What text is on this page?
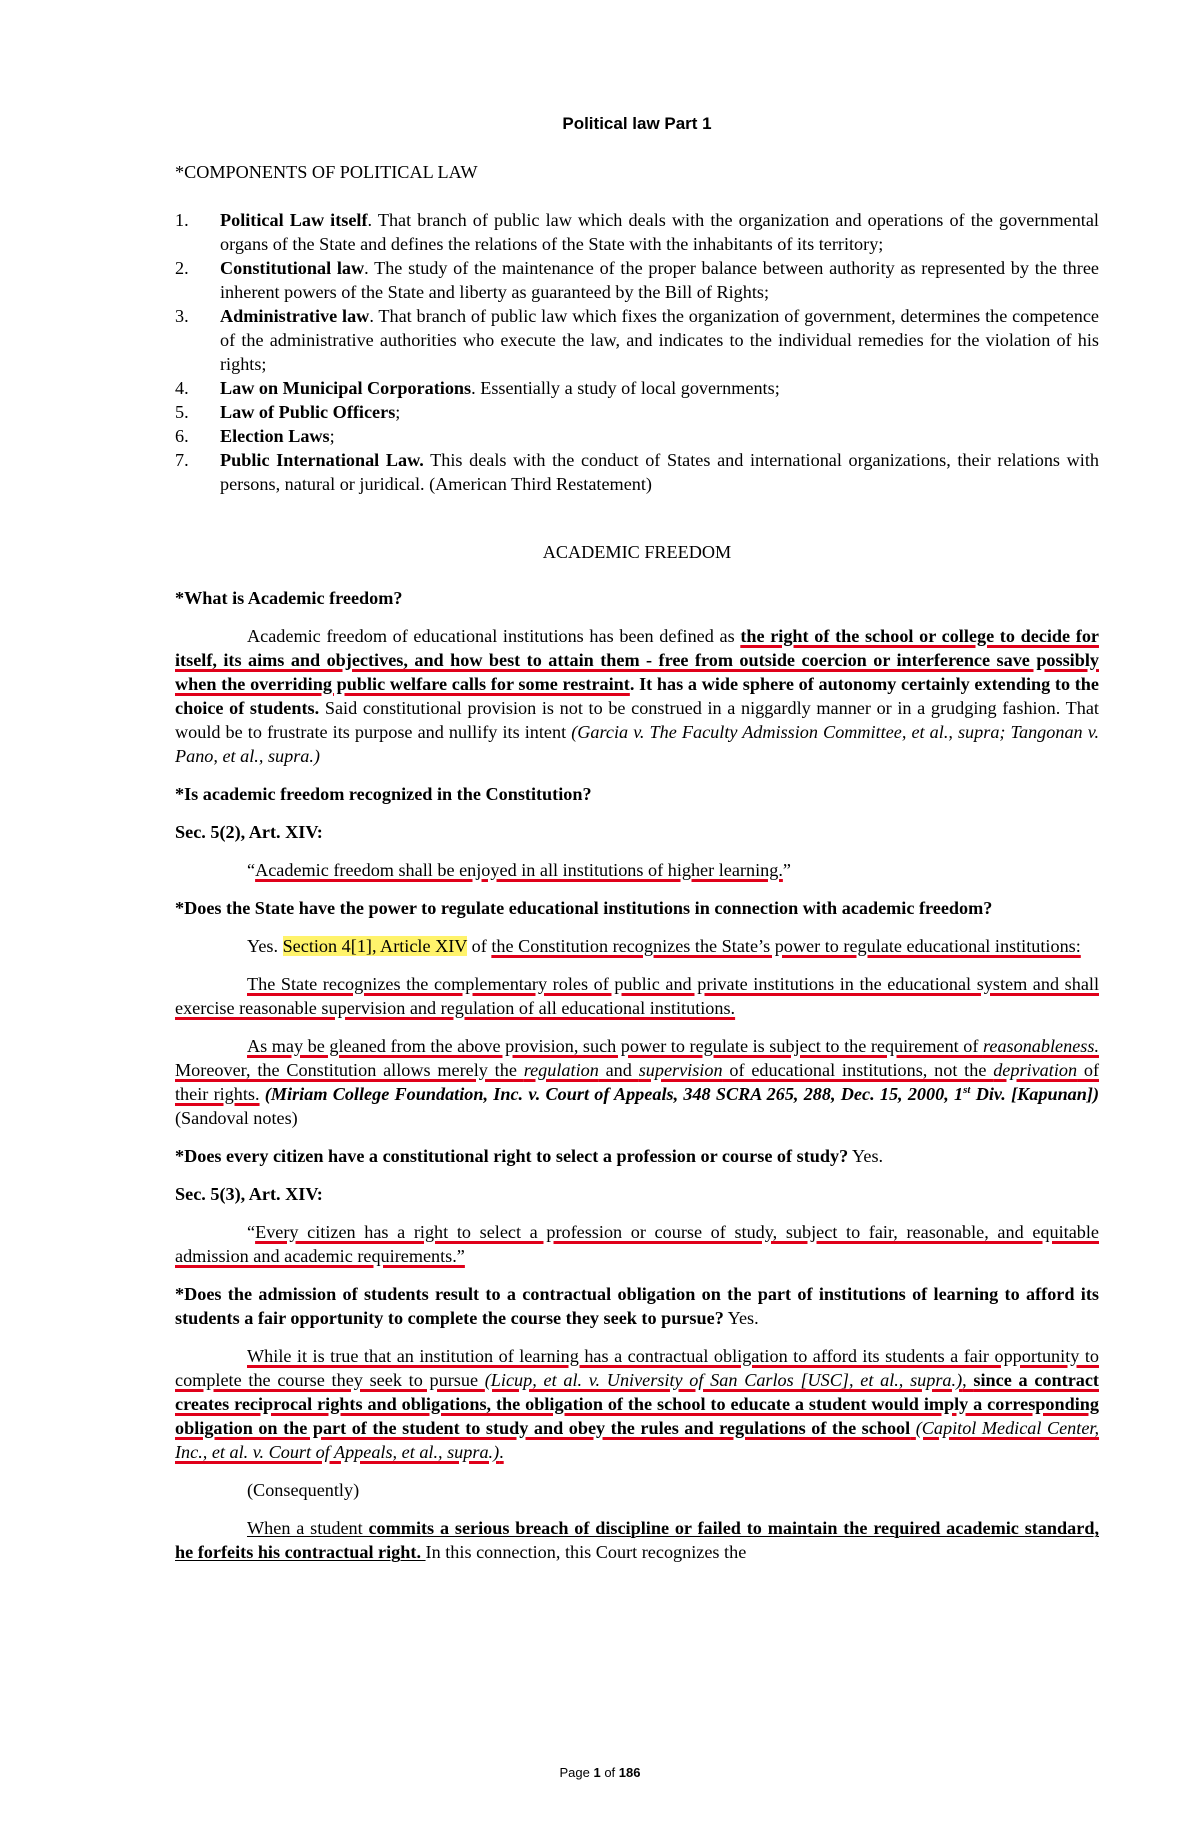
Political law Part 1
*COMPONENTS OF POLITICAL LAW
1. Political Law itself. That branch of public law which deals with the organization and operations of the governmental organs of the State and defines the relations of the State with the inhabitants of its territory;
2. Constitutional law. The study of the maintenance of the proper balance between authority as represented by the three inherent powers of the State and liberty as guaranteed by the Bill of Rights;
3. Administrative law. That branch of public law which fixes the organization of government, determines the competence of the administrative authorities who execute the law, and indicates to the individual remedies for the violation of his rights;
4. Law on Municipal Corporations. Essentially a study of local governments;
5. Law of Public Officers;
6. Election Laws;
7. Public International Law. This deals with the conduct of States and international organizations, their relations with persons, natural or juridical. (American Third Restatement)
ACADEMIC FREEDOM
*What is Academic freedom?
Academic freedom of educational institutions has been defined as the right of the school or college to decide for itself, its aims and objectives, and how best to attain them - free from outside coercion or interference save possibly when the overriding public welfare calls for some restraint. It has a wide sphere of autonomy certainly extending to the choice of students. Said constitutional provision is not to be construed in a niggardly manner or in a grudging fashion. That would be to frustrate its purpose and nullify its intent (Garcia v. The Faculty Admission Committee, et al., supra; Tangonan v. Pano, et al., supra.)
*Is academic freedom recognized in the Constitution?
Sec. 5(2), Art. XIV:
“Academic freedom shall be enjoyed in all institutions of higher learning.”
*Does the State have the power to regulate educational institutions in connection with academic freedom?
Yes. Section 4[1], Article XIV of the Constitution recognizes the State’s power to regulate educational institutions:
The State recognizes the complementary roles of public and private institutions in the educational system and shall exercise reasonable supervision and regulation of all educational institutions.
As may be gleaned from the above provision, such power to regulate is subject to the requirement of reasonableness. Moreover, the Constitution allows merely the regulation and supervision of educational institutions, not the deprivation of their rights. (Miriam College Foundation, Inc. v. Court of Appeals, 348 SCRA 265, 288, Dec. 15, 2000, 1st Div. [Kapunan]) (Sandoval notes)
*Does every citizen have a constitutional right to select a profession or course of study? Yes.
Sec. 5(3), Art. XIV:
“Every citizen has a right to select a profession or course of study, subject to fair, reasonable, and equitable admission and academic requirements.”
*Does the admission of students result to a contractual obligation on the part of institutions of learning to afford its students a fair opportunity to complete the course they seek to pursue? Yes.
While it is true that an institution of learning has a contractual obligation to afford its students a fair opportunity to complete the course they seek to pursue (Licup, et al. v. University of San Carlos [USC], et al., supra.), since a contract creates reciprocal rights and obligations, the obligation of the school to educate a student would imply a corresponding obligation on the part of the student to study and obey the rules and regulations of the school (Capitol Medical Center, Inc., et al. v. Court of Appeals, et al., supra.).
(Consequently)
When a student commits a serious breach of discipline or failed to maintain the required academic standard, he forfeits his contractual right. In this connection, this Court recognizes the
Page 1 of 186
